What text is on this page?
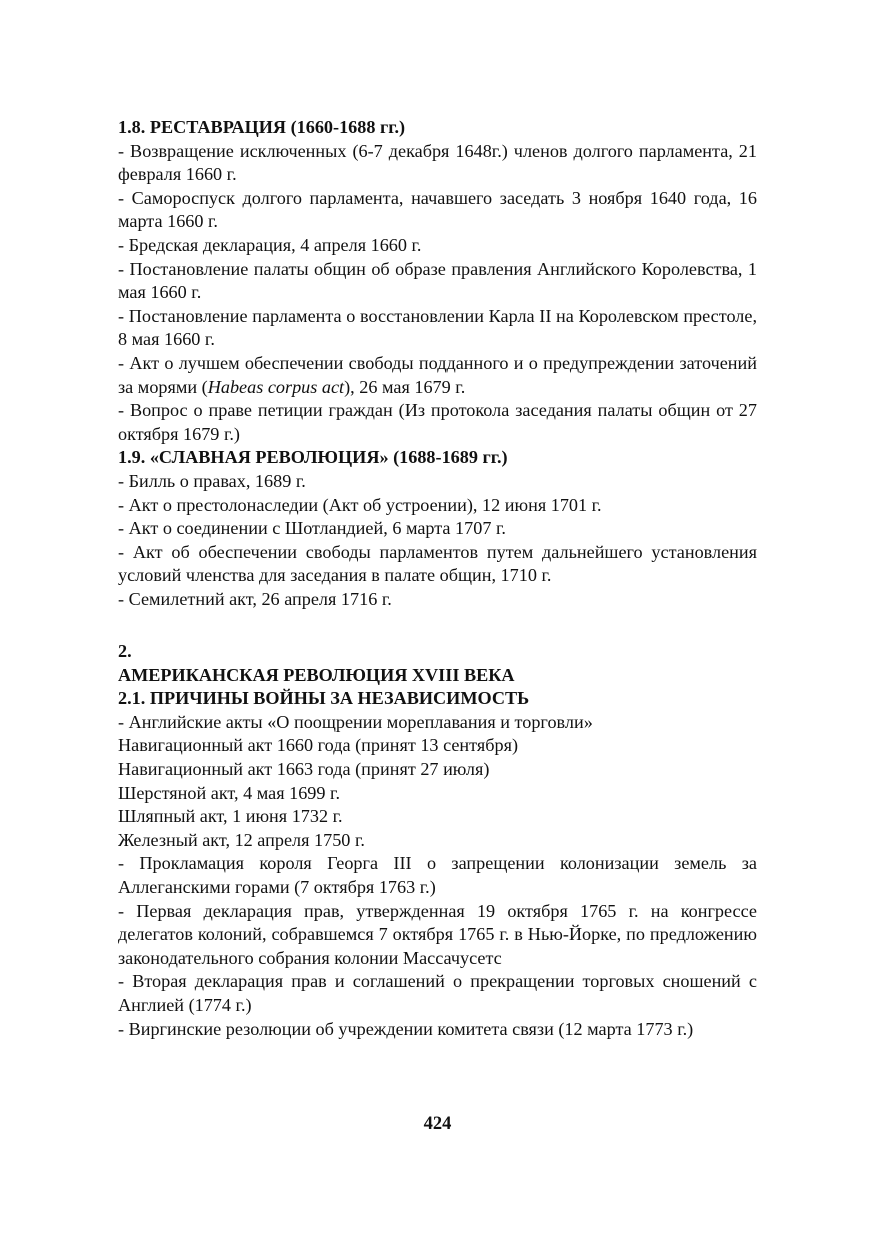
1.8. РЕСТАВРАЦИЯ (1660-1688 гг.)

- Возвращение исключенных (6-7 декабря 1648г.) членов долгого парламента, 21 февраля 1660 г.

- Самороспуск долгого парламента, начавшего заседать 3 ноября 1640 года, 16 марта 1660 г.

- Бредская декларация, 4 апреля 1660 г.

- Постановление палаты общин об образе правления Английского Королевства, 1 мая 1660 г.

- Постановление парламента о восстановлении Карла II на Королевском престоле, 8 мая 1660 г.

- Акт о лучшем обеспечении свободы подданного и о предупреждении заточений за морями (Habeas corpus act), 26 мая 1679 г.

- Вопрос о праве петиции граждан (Из протокола заседания палаты общин от 27 октября 1679 г.)

1.9. «СЛАВНАЯ РЕВОЛЮЦИЯ» (1688-1689 гг.)

- Билль о правах, 1689 г.

- Акт о престолонаследии (Акт об устроении), 12 июня 1701 г.

- Акт о соединении с Шотландией, 6 марта 1707 г.

- Акт об обеспечении свободы парламентов путем дальнейшего установления условий членства для заседания в палате общин, 1710 г.

- Семилетний акт, 26 апреля 1716 г.

2.
АМЕРИКАНСКАЯ РЕВОЛЮЦИЯ XVIII ВЕКА
2.1. ПРИЧИНЫ ВОЙНЫ ЗА НЕЗАВИСИМОСТЬ

- Английские акты «О поощрении мореплавания и торговли»

Навигационный акт 1660 года (принят 13 сентября)

Навигационный акт 1663 года (принят 27 июля)

Шерстяной акт, 4 мая 1699 г.

Шляпный акт, 1 июня 1732 г.

Железный акт, 12 апреля 1750 г.

- Прокламация короля Георга III о запрещении колонизации земель за Аллеганскими горами (7 октября 1763 г.)

- Первая декларация прав, утвержденная 19 октября 1765 г. на конгрессе делегатов колоний, собравшемся 7 октября 1765 г. в Нью-Йорке, по предложению законодательного собрания колонии Массачусетс

- Вторая декларация прав и соглашений о прекращении торговых сношений с Англией (1774 г.)

- Виргинские резолюции об учреждении комитета связи (12 марта 1773 г.)

424
